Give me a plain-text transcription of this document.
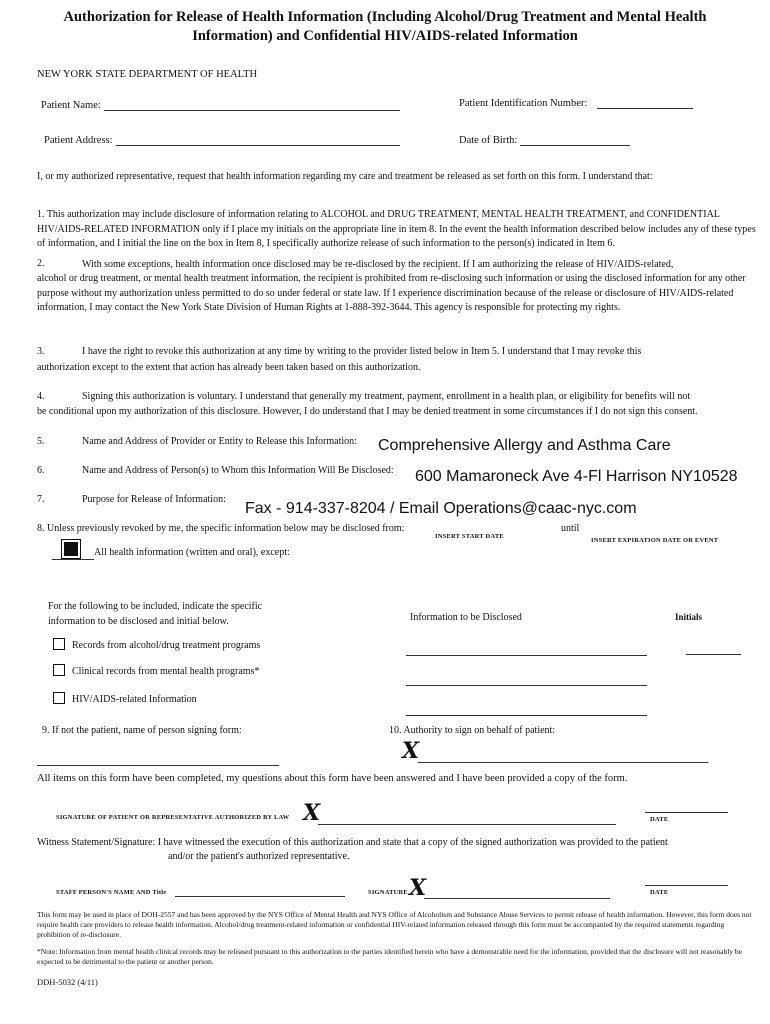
Authorization for Release of Health Information (Including Alcohol/Drug Treatment and Mental Health
Information) and Confidential HIV/AIDS-related Information
NEW YORK STATE DEPARTMENT OF HEALTH
Patient Name:	Patient Identification Number:
Patient Address:	Date of Birth:
I, or my authorized representative, request that health information regarding my care and treatment be released as set forth on this form. I understand that:
1. This authorization may include disclosure of information relating to ALCOHOL and DRUG TREATMENT, MENTAL HEALTH TREATMENT, and CONFIDENTIAL HIV/AIDS-RELATED INFORMATION only if I place my initials on the appropriate line in item 8. In the event the health information described below includes any of these types of information, and I initial the line on the box in Item 8, I specifically authorize release of such information to the person(s) indicated in Item 6.
2.	With some exceptions, health information once disclosed may be re-disclosed by the recipient. If I am authorizing the release of HIV/AIDS-related,
alcohol or drug treatment, or mental health treatment information, the recipient is prohibited from re-disclosing such information or using the disclosed information for any other purpose without my authorization unless permitted to do so under federal or state law. If I experience discrimination because of the release or disclosure of HIV/AIDS-related information, I may contact the New York State Division of Human Rights at 1-888-392-3644. This agency is responsible for protecting my rights.
3.	I have the right to revoke this authorization at any time by writing to the provider listed below in Item 5. I understand that I may revoke this
authorization except to the extent that action has already been taken based on this authorization.
4.	Signing this authorization is voluntary. I understand that generally my treatment, payment, enrollment in a health plan, or eligibility for benefits will not
be conditional upon my authorization of this disclosure. However, I do understand that I may be denied treatment in some circumstances if I do not sign this consent.
5.	Name and Address of Provider or Entity to Release this Information: Comprehensive Allergy and Asthma Care
6.	Name and Address of Person(s) to Whom this Information Will Be Disclosed: 600 Mamaroneck Ave 4-Fl Harrison NY10528
7.	Purpose for Release of Information:
Fax - 914-337-8204 / Email Operations@caac-nyc.com
8. Unless previously revoked by me, the specific information below may be disclosed from:
INSERT START DATE
until
INSERT EXPIRATION DATE OR EVENT
All health information (written and oral), except:
For the following to be included, indicate the specific
information to be disclosed and initial below.	Information to be Disclosed	Initials
Records from alcohol/drug treatment programs
Clinical records from mental health programs*
HIV/AIDS-related Information
9. If not the patient, name of person signing form:	10. Authority to sign on behalf of patient:
X
All items on this form have been completed, my questions about this form have been answered and I have been provided a copy of the form.
SIGNATURE OF PATIENT OR REPRESENTATIVE AUTHORIZED BY LAW X	DATE
Witness Statement/Signature: I have witnessed the execution of this authorization and state that a copy of the signed authorization was provided to the patient
and/or the patient's authorized representative.
STAFF PERSON'S NAME AND Title	SIGNATURE X	DATE
This form may be used in place of DOH-2557 and has been approved by the NYS Office of Mental Health and NYS Office of Alcoholism and Substance Abuse Services to permit release of health information. However, this form does not require health care providers to release health information. Alcohol/drug treatment-related information or confidential HIV-related information released through this form must be accompanied by the required statements regarding prohibition of re-disclosure.
*Note: Information from mental health clinical records may be released pursuant to this authorization to the parties identified herein who have a demonstrable need for the information, provided that the disclosure will not reasonably be expected to be detrimental to the patient or another person.
DDH-5032 (4/11)
